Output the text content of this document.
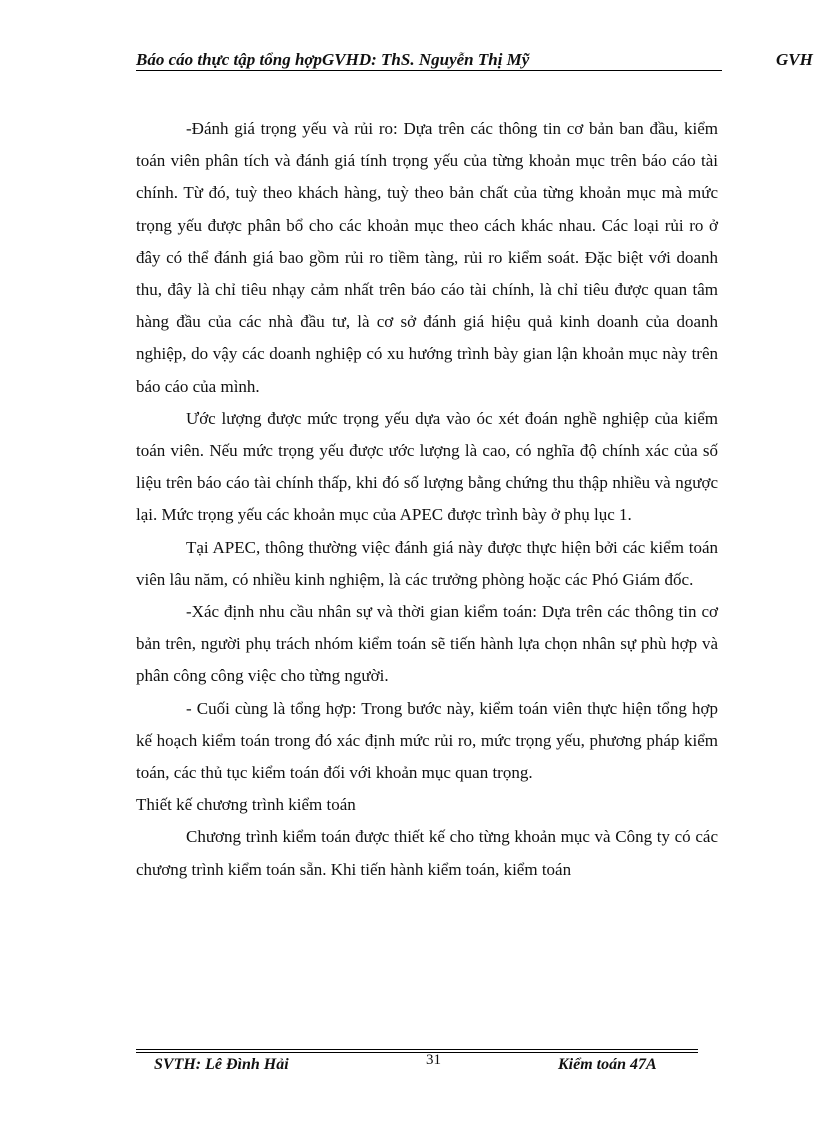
Báo cáo thực tập tổng hợpGVHD: ThS. Nguyễn Thị Mỹ	GVH

-Đánh giá trọng yếu và rủi ro: Dựa trên các thông tin cơ bản ban đầu, kiểm toán viên phân tích và đánh giá tính trọng yếu của từng khoản mục trên báo cáo tài chính. Từ đó, tuỳ theo khách hàng, tuỳ theo bản chất của từng khoản mục mà mức trọng yếu được phân bổ cho các khoản mục theo cách khác nhau. Các loại rủi ro ở đây có thể đánh giá bao gồm rủi ro tiềm tàng, rủi ro kiểm soát. Đặc biệt với doanh thu, đây là chỉ tiêu nhạy cảm nhất trên báo cáo tài chính, là chỉ tiêu được quan tâm hàng đầu của các nhà đầu tư, là cơ sở đánh giá hiệu quả kinh doanh của doanh nghiệp, do vậy các doanh nghiệp có xu hướng trình bày gian lận khoản mục này trên báo cáo của mình.

Ước lượng được mức trọng yếu dựa vào óc xét đoán nghề nghiệp của kiểm toán viên. Nếu mức trọng yếu được ước lượng là cao, có nghĩa độ chính xác của số liệu trên báo cáo tài chính thấp, khi đó số lượng bằng chứng thu thập nhiều và ngược lại. Mức trọng yếu các khoản mục của APEC được trình bày ở phụ lục 1.

Tại APEC, thông thường việc đánh giá này được thực hiện bởi các kiểm toán viên lâu năm, có nhiều kinh nghiệm, là các trưởng phòng hoặc các Phó Giám đốc.

-Xác định nhu cầu nhân sự và thời gian kiểm toán: Dựa trên các thông tin cơ bản trên, người phụ trách nhóm kiểm toán sẽ tiến hành lựa chọn nhân sự phù hợp và phân công công việc cho từng người.

- Cuối cùng là tổng hợp: Trong bước này, kiểm toán viên thực hiện tổng hợp kế hoạch kiểm toán trong đó xác định mức rủi ro, mức trọng yếu, phương pháp kiểm toán, các thủ tục kiểm toán đối với khoản mục quan trọng.

Thiết kế chương trình kiểm toán

Chương trình kiểm toán được thiết kế cho từng khoản mục và Công ty có các chương trình kiểm toán sẵn. Khi tiến hành kiểm toán, kiểm toán

SVTH: Lê Đình Hải	31	Kiểm toán 47A
